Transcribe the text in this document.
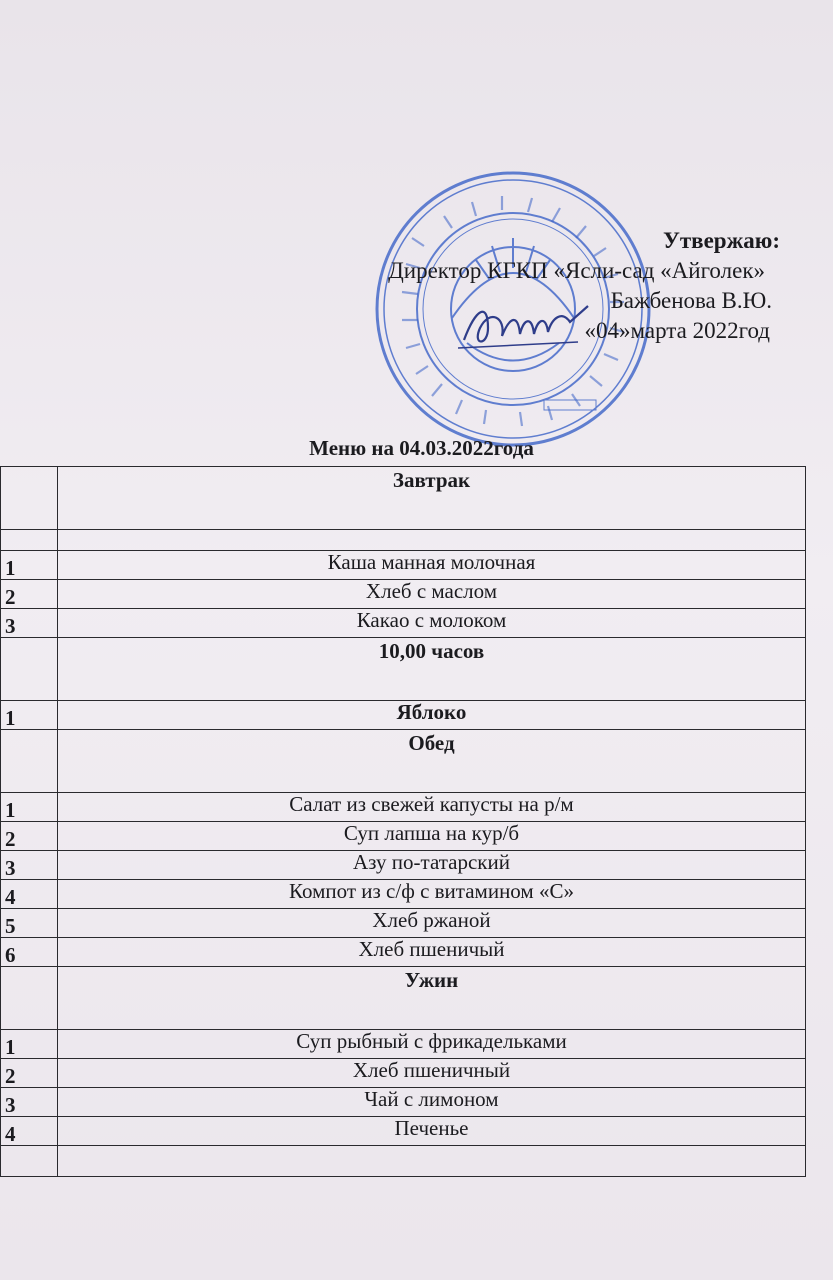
Утвержаю:
Директор КГКП «Ясли-сад «Айголек»
Бажбенова В.Ю.
«04»марта 2022год
Меню на 04.03.2022года
	Завтрак

1	Каша манная молочная
2	Хлеб с маслом
3	Какао с молоком
	10,00 часов
1	Яблоко
	Обед
1	Салат из свежей капусты на р/м
2	Суп лапша на кур/б
3	Азу по-татарский
4	Компот из с/ф с витамином «С»
5	Хлеб ржаной
6	Хлеб пшеничый
	Ужин
1	Суп рыбный с фрикадельками
2	Хлеб пшеничный
3	Чай с лимоном
4	Печенье
